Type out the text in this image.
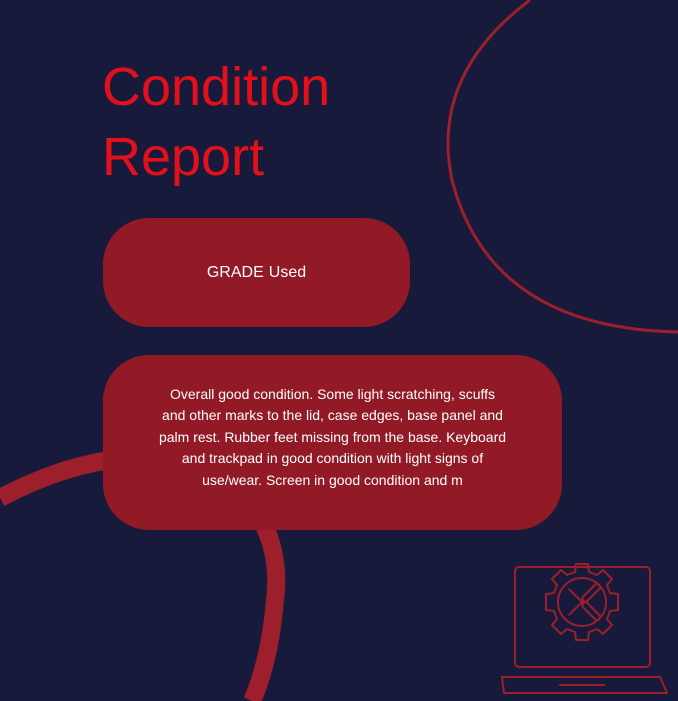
Condition
Report
GRADE Used
Overall good condition. Some light scratching, scuffs and other marks to the lid, case edges, base panel and palm rest. Rubber feet missing from the base. Keyboard and trackpad in good condition with light signs of use/wear. Screen in good condition and m
